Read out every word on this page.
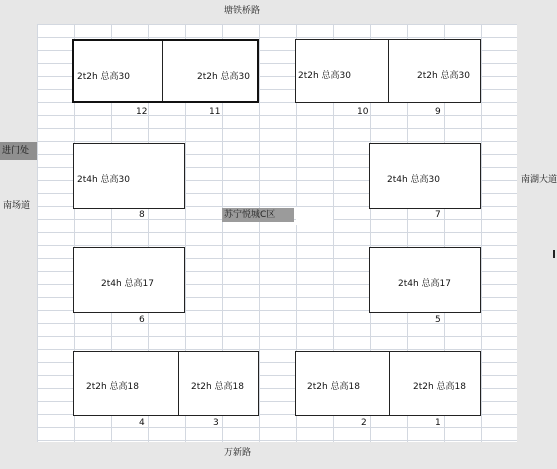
塘铁桥路
万新路
南湖大道
南场道
进门处
苏宁悦城C区
2t2h 总高30	2t2h 总高30
12	11
2t2h 总高30	2t2h 总高30
10	9
2t4h 总高30
8
2t4h 总高30
7
2t4h 总高17
6
2t4h 总高17
5
2t2h 总高18	2t2h 总高18
4	3
2t2h 总高18	2t2h 总高18
2	1
